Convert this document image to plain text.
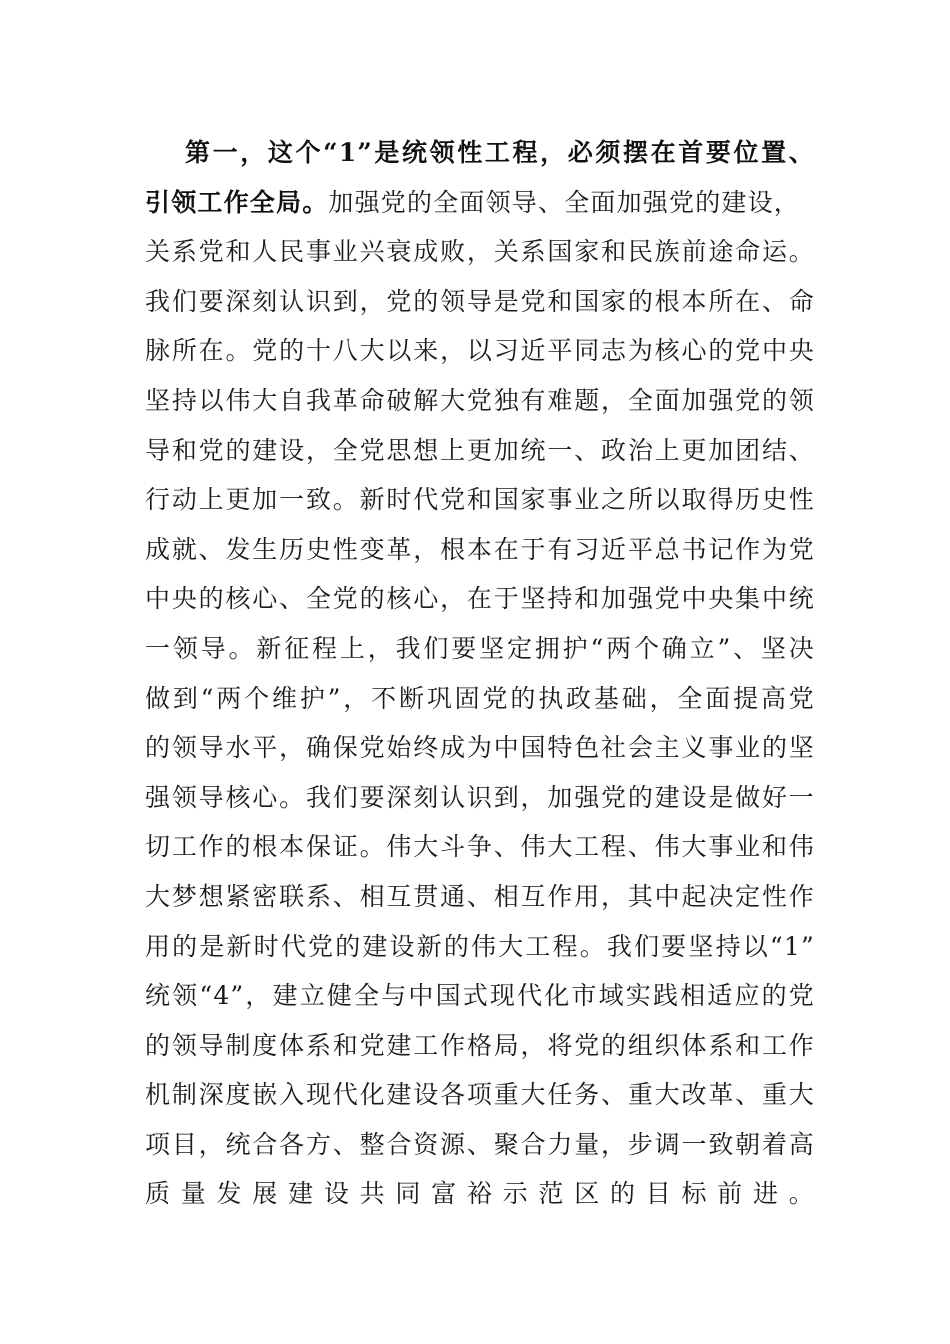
第一，这个“1”是统领性工程，必须摆在首要位置、
引领工作全局。加强党的全面领导、全面加强党的建设，
关系党和人民事业兴衰成败，关系国家和民族前途命运。
我们要深刻认识到，党的领导是党和国家的根本所在、命
脉所在。党的十八大以来，以习近平同志为核心的党中央
坚持以伟大自我革命破解大党独有难题，全面加强党的领
导和党的建设，全党思想上更加统一、政治上更加团结、
行动上更加一致。新时代党和国家事业之所以取得历史性
成就、发生历史性变革，根本在于有习近平总书记作为党
中央的核心、全党的核心，在于坚持和加强党中央集中统
一领导。新征程上，我们要坚定拥护“两个确立”、坚决
做到“两个维护”，不断巩固党的执政基础，全面提高党
的领导水平，确保党始终成为中国特色社会主义事业的坚
强领导核心。我们要深刻认识到，加强党的建设是做好一
切工作的根本保证。伟大斗争、伟大工程、伟大事业和伟
大梦想紧密联系、相互贯通、相互作用，其中起决定性作
用的是新时代党的建设新的伟大工程。我们要坚持以“1”
统领“4”，建立健全与中国式现代化市域实践相适应的党
的领导制度体系和党建工作格局，将党的组织体系和工作
机制深度嵌入现代化建设各项重大任务、重大改革、重大
项目，统合各方、整合资源、聚合力量，步调一致朝着高
质量发展建设共同富裕示范区的目标前进。
